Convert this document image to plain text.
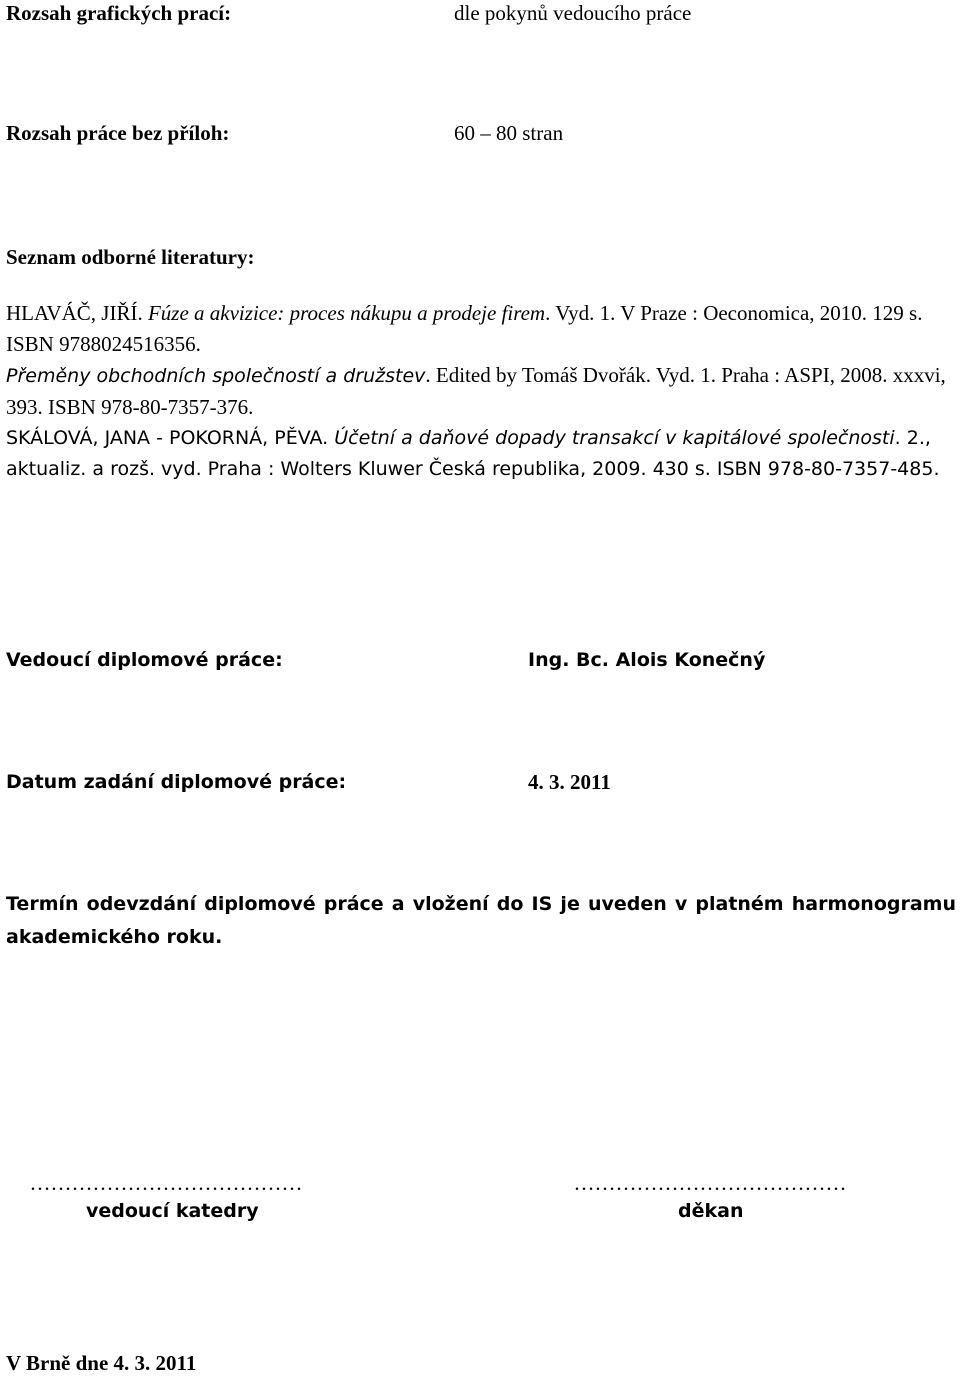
Rozsah grafických prací:	dle pokynů vedoucího práce
Rozsah práce bez příloh:	60 – 80 stran
Seznam odborné literatury:

HLAVÁČ, JIŘÍ. Fúze a akvizice: proces nákupu a prodeje firem. Vyd. 1. V Praze : Oeconomica, 2010. 129 s. ISBN 9788024516356.

Přeměny obchodních společností a družstev. Edited by Tomáš Dvořák. Vyd. 1. Praha : ASPI, 2008. xxxvi, 393. ISBN 978-80-7357-376.

SKÁLOVÁ, JANA - POKORNÁ, PĚVA. Účetní a daňové dopady transakcí v kapitálové společnosti. 2., aktualiz. a rozš. vyd. Praha : Wolters Kluwer Česká republika, 2009. 430 s. ISBN 978-80-7357-485.

Vedoucí diplomové práce:	Ing. Bc. Alois Konečný
Datum zadání diplomové práce:	4. 3. 2011
Termín odevzdání diplomové práce a vložení do IS je uveden v platném harmonogramu akademického roku.
…………………………………
vedoucí katedry
…………………………………
děkan
V Brně dne 4. 3. 2011
